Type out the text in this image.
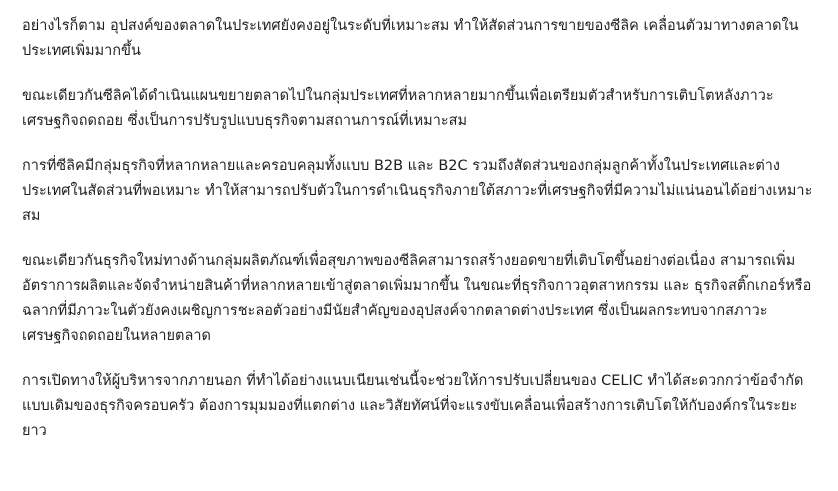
อย่างไรก็ตาม อุปสงค์ของตลาดในประเทศยังคงอยู่ในระดับที่เหมาะสม ทำให้สัดส่วนการขายของซีลิค เคลื่อนตัวมาทางตลาดในประเทศเพิ่มมากขึ้น

ขณะเดียวกันซีลิคได้ดำเนินแผนขยายตลาดไปในกลุ่มประเทศที่หลากหลายมากขึ้นเพื่อเตรียมตัวสำหรับการเติบโตหลังภาวะเศรษฐกิจถดถอย ซึ่งเป็นการปรับรูปแบบธุรกิจตามสถานการณ์ที่เหมาะสม

การที่ซีลิคมีกลุ่มธุรกิจที่หลากหลายและครอบคลุมทั้งแบบ B2B และ B2C รวมถึงสัดส่วนของกลุ่มลูกค้าทั้งในประเทศและต่างประเทศในสัดส่วนที่พอเหมาะ ทำให้สามารถปรับตัวในการดำเนินธุรกิจภายใต้สภาวะที่เศรษฐกิจที่มีความไม่แน่นอนได้อย่างเหมาะสม

ขณะเดียวกันธุรกิจใหม่ทางด้านกลุ่มผลิตภัณฑ์เพื่อสุขภาพของซีลิคสามารถสร้างยอดขายที่เติบโตขึ้นอย่างต่อเนื่อง สามารถเพิ่มอัตราการผลิตและจัดจำหน่ายสินค้าที่หลากหลายเข้าสู่ตลาดเพิ่มมากขึ้น ในขณะที่ธุรกิจกาวอุตสาหกรรม และ ธุรกิจสติ๊กเกอร์หรือฉลากที่มีภาวะในตัวยังคงเผชิญการชะลอตัวอย่างมีนัยสำคัญของอุปสงค์จากตลาดต่างประเทศ ซึ่งเป็นผลกระทบจากสภาวะเศรษฐกิจถดถอยในหลายตลาด

การเปิดทางให้ผู้บริหารจากภายนอก ที่ทำได้อย่างแนบเนียนเช่นนี้จะช่วยให้การปรับเปลี่ยนของ CELIC ทำได้สะดวกกว่าข้อจำกัดแบบเดิมของธุรกิจครอบครัว ต้องการมุมมองที่แตกต่าง และวิสัยทัศน์ที่จะแรงขับเคลื่อนเพื่อสร้างการเติบโตให้กับองค์กรในระยะยาว
